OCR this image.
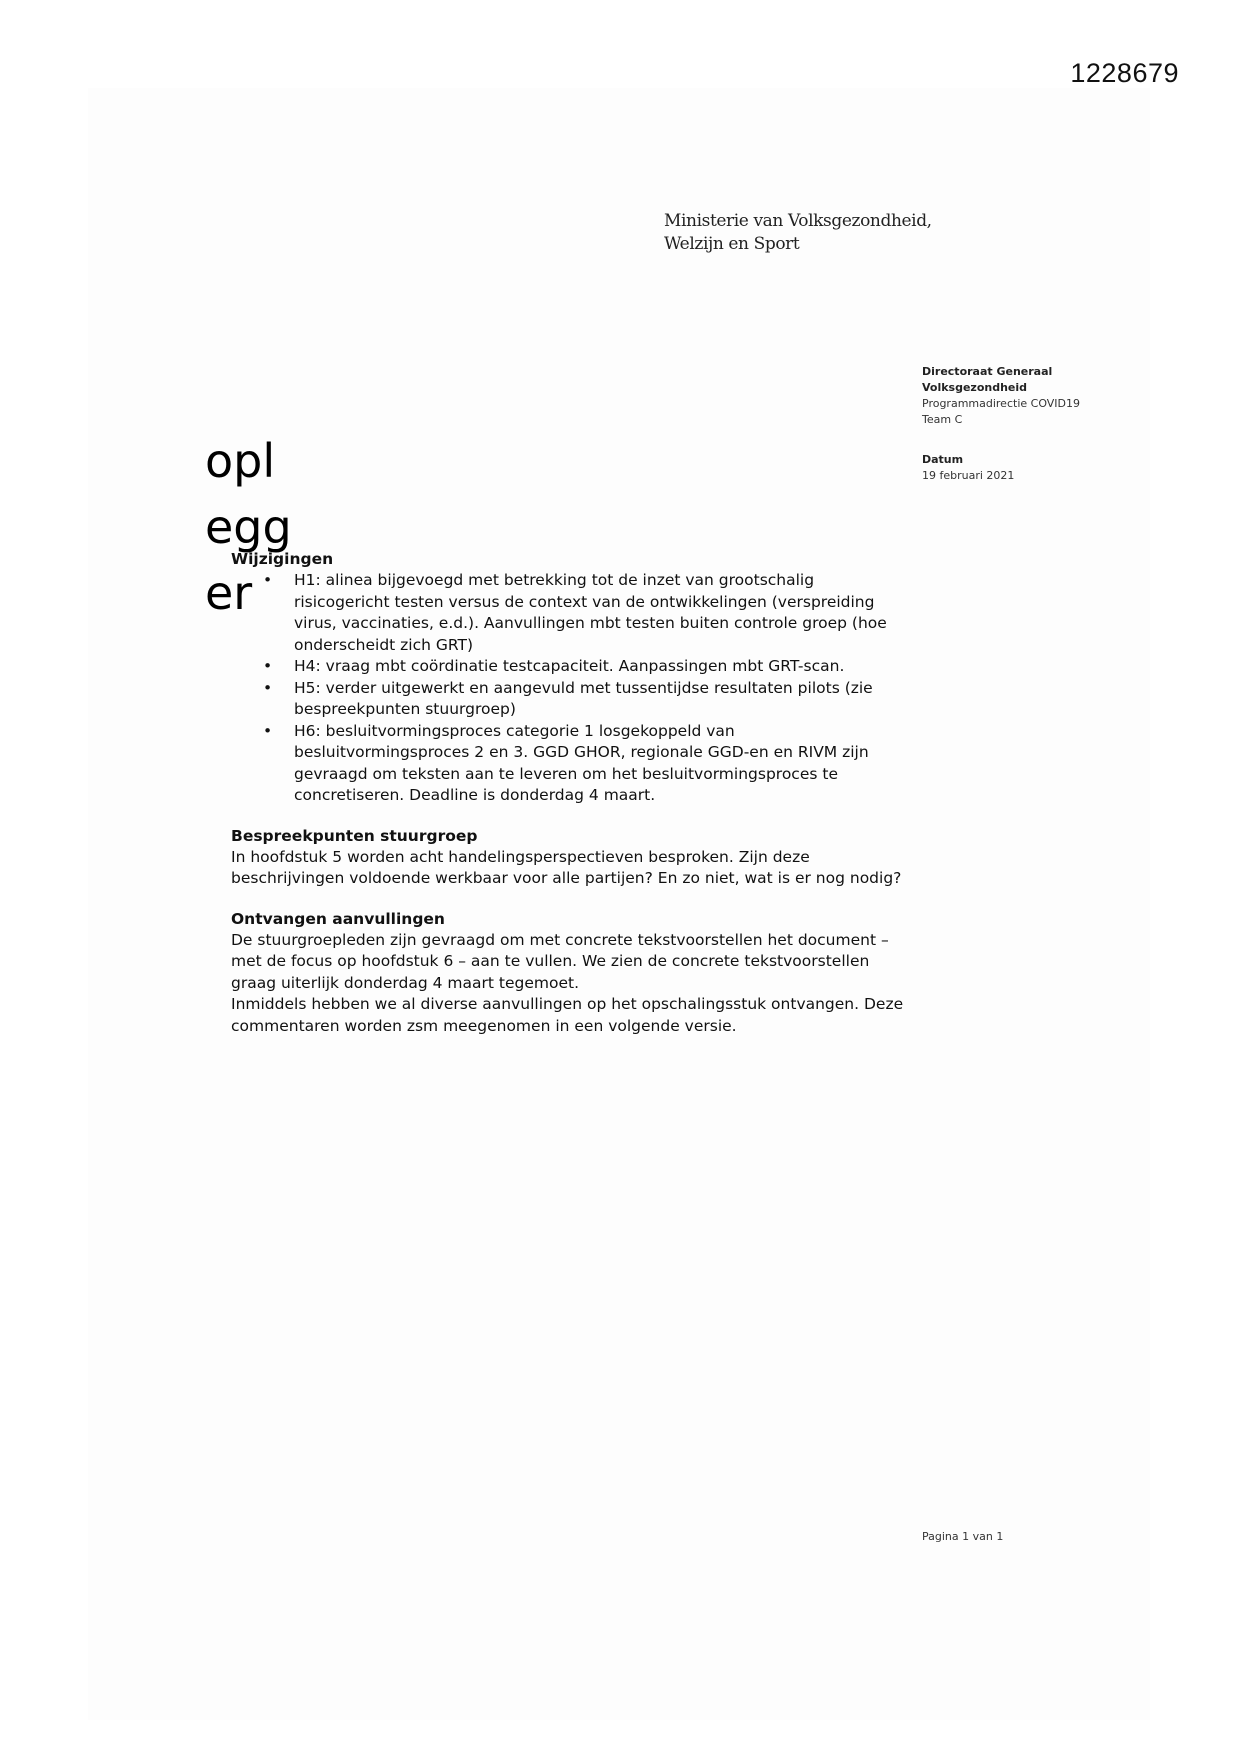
1228679
Ministerie van Volksgezondheid,
Welzijn en Sport
Directoraat Generaal
Volksgezondheid
Programmadirectie COVID19
Team C
Datum
19 februari 2021
opl
egg
er
Wijzigingen
• H1: alinea bijgevoegd met betrekking tot de inzet van grootschalig risicogericht testen versus de context van de ontwikkelingen (verspreiding virus, vaccinaties, e.d.). Aanvullingen mbt testen buiten controle groep (hoe onderscheidt zich GRT)
• H4: vraag mbt coördinatie testcapaciteit. Aanpassingen mbt GRT-scan.
• H5: verder uitgewerkt en aangevuld met tussentijdse resultaten pilots (zie bespreekpunten stuurgroep)
• H6: besluitvormingsproces categorie 1 losgekoppeld van besluitvormingsproces 2 en 3. GGD GHOR, regionale GGD-en en RIVM zijn gevraagd om teksten aan te leveren om het besluitvormingsproces te concretiseren. Deadline is donderdag 4 maart.
Bespreekpunten stuurgroep

In hoofdstuk 5 worden acht handelingsperspectieven besproken. Zijn deze beschrijvingen voldoende werkbaar voor alle partijen? En zo niet, wat is er nog nodig?

Ontvangen aanvullingen

De stuurgroepleden zijn gevraagd om met concrete tekstvoorstellen het document – met de focus op hoofdstuk 6 – aan te vullen. We zien de concrete tekstvoorstellen graag uiterlijk donderdag 4 maart tegemoet.

Inmiddels hebben we al diverse aanvullingen op het opschalingsstuk ontvangen. Deze commentaren worden zsm meegenomen in een volgende versie.

Pagina 1 van 1
